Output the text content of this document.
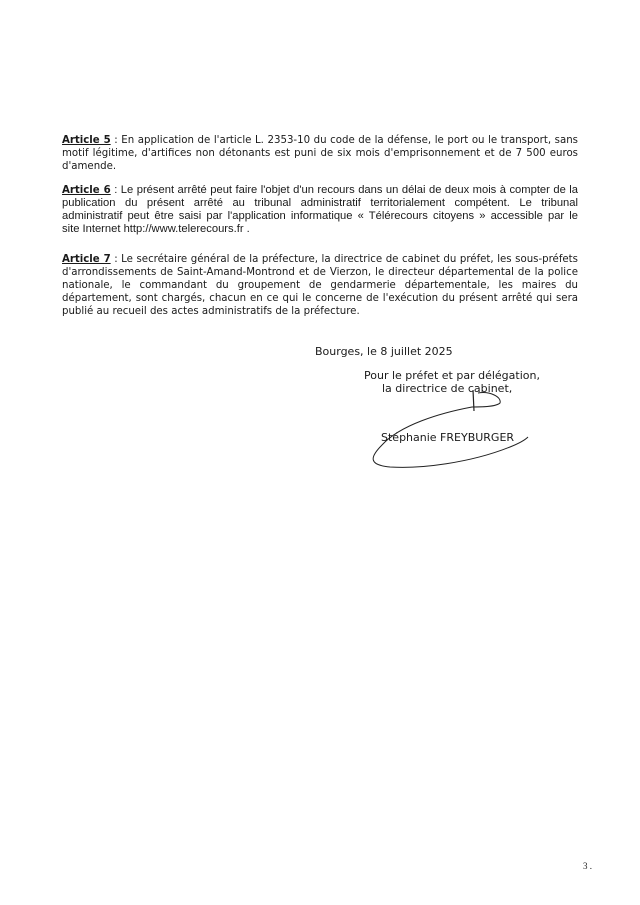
Article 5 : En application de l'article L. 2353-10 du code de la défense, le port ou le transport, sans
motif légitime, d'artifices non détonants est puni de six mois d'emprisonnement et de 7 500 euros
d'amende.
Article 6 : Le présent arrêté peut faire l'objet d'un recours dans un délai de deux mois à compter de la
publication du présent arrêté au tribunal administratif territorialement compétent. Le tribunal
administratif peut être saisi par l'application informatique « Télérecours citoyens » accessible par le
site Internet http://www.telerecours.fr .
Article 7 : Le secrétaire général de la préfecture, la directrice de cabinet du préfet, les sous-préfets
d'arrondissements de Saint-Amand-Montrond et de Vierzon, le directeur départemental de la police
nationale, le commandant du groupement de gendarmerie départementale, les maires du
département, sont chargés, chacun en ce qui le concerne de l'exécution du présent arrêté qui sera
publié au recueil des actes administratifs de la préfecture.
Bourges, le 8 juillet 2025
Pour le préfet et par délégation,
la directrice de cabinet,
Stéphanie FREYBURGER
3 .
